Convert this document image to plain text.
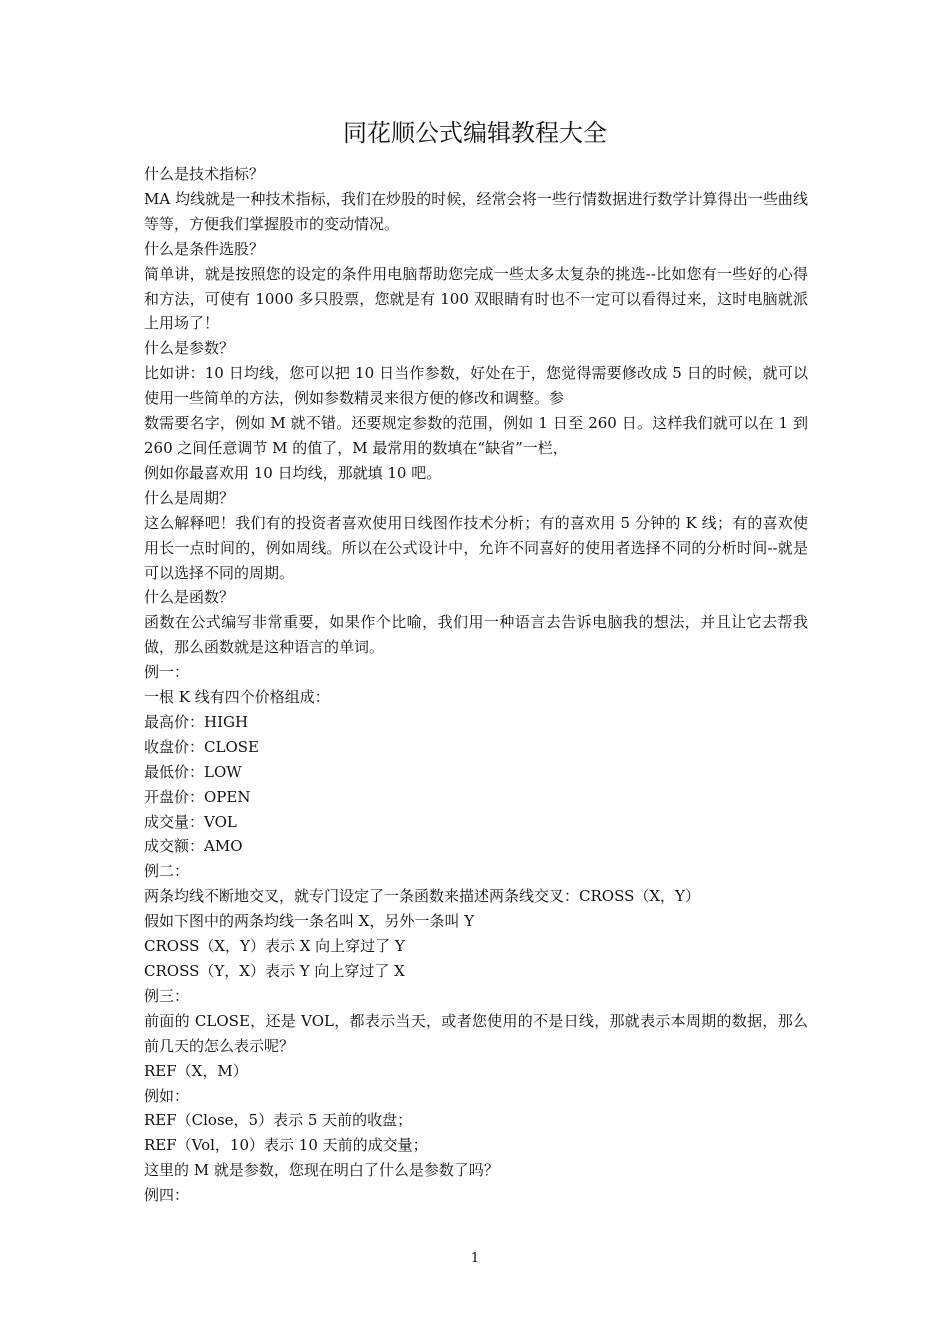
同花顺公式编辑教程大全

什么是技术指标？

MA 均线就是一种技术指标，我们在炒股的时候，经常会将一些行情数据进行数学计算得出一些曲线等等，方便我们掌握股市的变动情况。

什么是条件选股？

简单讲，就是按照您的设定的条件用电脑帮助您完成一些太多太复杂的挑选--比如您有一些好的心得和方法，可使有 1000 多只股票，您就是有 100 双眼睛有时也不一定可以看得过来，这时电脑就派上用场了！

什么是参数？

比如讲：10 日均线，您可以把 10 日当作参数，好处在于，您觉得需要修改成 5 日的时候，就可以使用一些简单的方法，例如参数精灵来很方便的修改和调整。参

数需要名字，例如 M 就不错。还要规定参数的范围，例如 1 日至 260 日。这样我们就可以在 1 到 260 之间任意调节 M 的值了，M 最常用的数填在“缺省”一栏，

例如你最喜欢用 10 日均线，那就填 10 吧。

什么是周期？

这么解释吧！我们有的投资者喜欢使用日线图作技术分析；有的喜欢用 5 分钟的 K 线；有的喜欢使用长一点时间的，例如周线。所以在公式设计中，允许不同喜好的使用者选择不同的分析时间--就是可以选择不同的周期。

什么是函数？

函数在公式编写非常重要，如果作个比喻，我们用一种语言去告诉电脑我的想法，并且让它去帮我做，那么函数就是这种语言的单词。

例一：

一根 K 线有四个价格组成：

最高价：HIGH

收盘价：CLOSE

最低价：LOW

开盘价：OPEN

成交量：VOL

成交额：AMO

例二：

两条均线不断地交叉，就专门设定了一条函数来描述两条线交叉：CROSS（X，Y）

假如下图中的两条均线一条名叫 X，另外一条叫 Y

CROSS（X，Y）表示 X 向上穿过了 Y

CROSS（Y，X）表示 Y 向上穿过了 X

例三：

前面的 CLOSE，还是 VOL，都表示当天，或者您使用的不是日线，那就表示本周期的数据，那么前几天的怎么表示呢？

REF（X，M）

例如：

REF（Close，5）表示 5 天前的收盘；

REF（Vol，10）表示 10 天前的成交量；

这里的 M 就是参数，您现在明白了什么是参数了吗？

例四：

1
